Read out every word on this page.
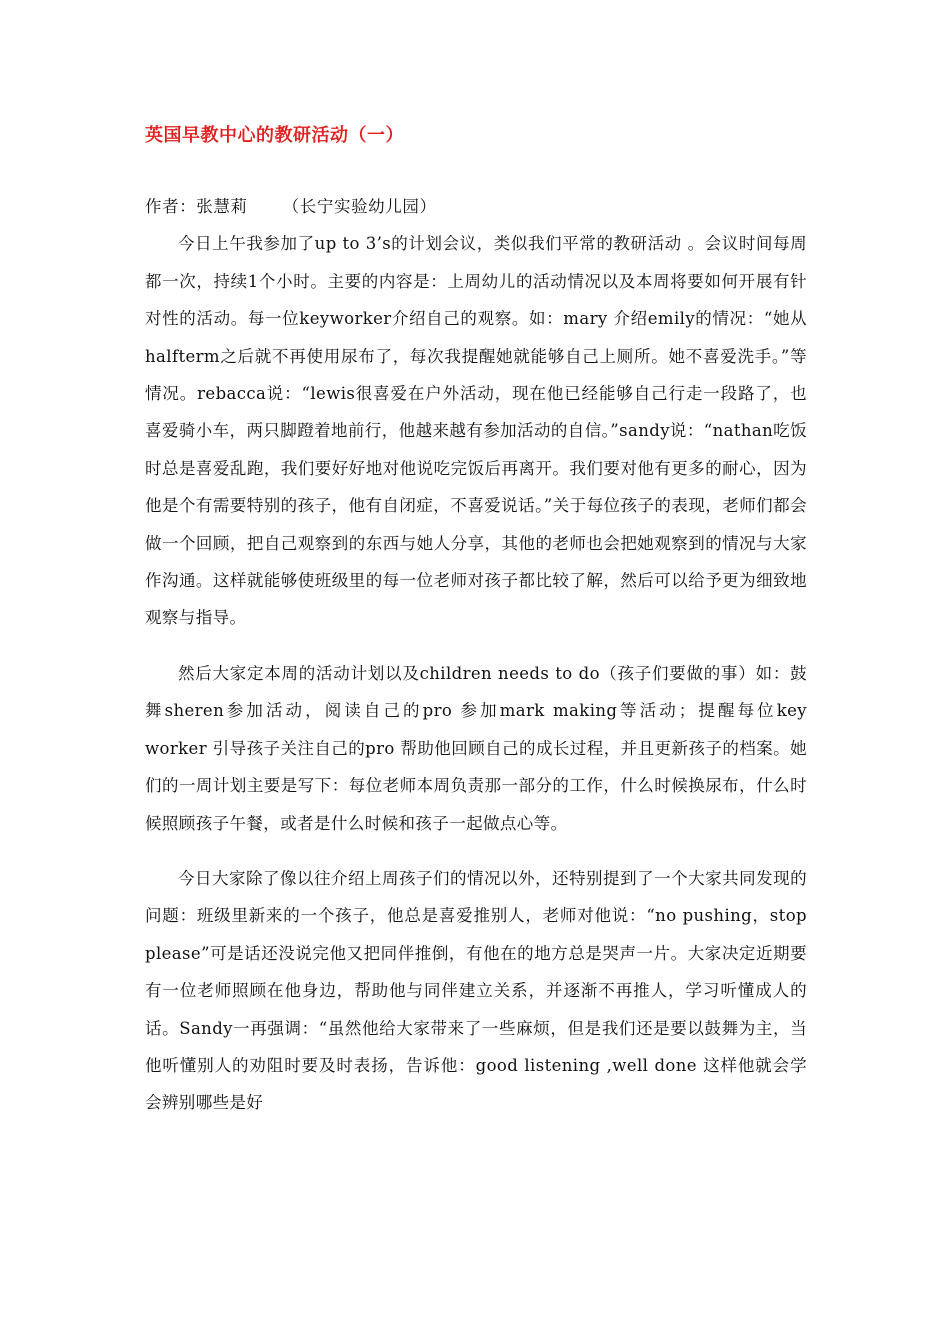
英国早教中心的教研活动（一）

作者：张慧莉      （长宁实验幼儿园）

今日上午我参加了up to 3’s的计划会议，类似我们平常的教研活动 。会议时间每周都一次，持续1个小时。主要的内容是：上周幼儿的活动情况以及本周将要如何开展有针对性的活动。每一位keyworker介绍自己的观察。如：mary 介绍emily的情况：“她从halfterm之后就不再使用尿布了，每次我提醒她就能够自己上厕所。她不喜爱洗手。”等情况。rebacca说：“lewis很喜爱在户外活动，现在他已经能够自己行走一段路了，也喜爱骑小车，两只脚蹬着地前行，他越来越有参加活动的自信。”sandy说：“nathan吃饭时总是喜爱乱跑，我们要好好地对他说吃完饭后再离开。我们要对他有更多的耐心，因为他是个有需要特别的孩子，他有自闭症，不喜爱说话。”关于每位孩子的表现，老师们都会做一个回顾，把自己观察到的东西与她人分享，其他的老师也会把她观察到的情况与大家作沟通。这样就能够使班级里的每一位老师对孩子都比较了解，然后可以给予更为细致地观察与指导。

然后大家定本周的活动计划以及children needs to do（孩子们要做的事）如：鼓舞sheren参加活动，阅读自己的pro 参加mark making等活动；提醒每位key worker 引导孩子关注自己的pro 帮助他回顾自己的成长过程，并且更新孩子的档案。她们的一周计划主要是写下：每位老师本周负责那一部分的工作，什么时候换尿布，什么时候照顾孩子午餐，或者是什么时候和孩子一起做点心等。

今日大家除了像以往介绍上周孩子们的情况以外，还特别提到了一个大家共同发现的问题：班级里新来的一个孩子，他总是喜爱推别人，老师对他说：“no pushing，stop please”可是话还没说完他又把同伴推倒，有他在的地方总是哭声一片。大家决定近期要有一位老师照顾在他身边，帮助他与同伴建立关系，并逐渐不再推人，学习听懂成人的话。Sandy一再强调：“虽然他给大家带来了一些麻烦，但是我们还是要以鼓舞为主，当他听懂别人的劝阻时要及时表扬，告诉他：good listening ,well done 这样他就会学会辨别哪些是好
